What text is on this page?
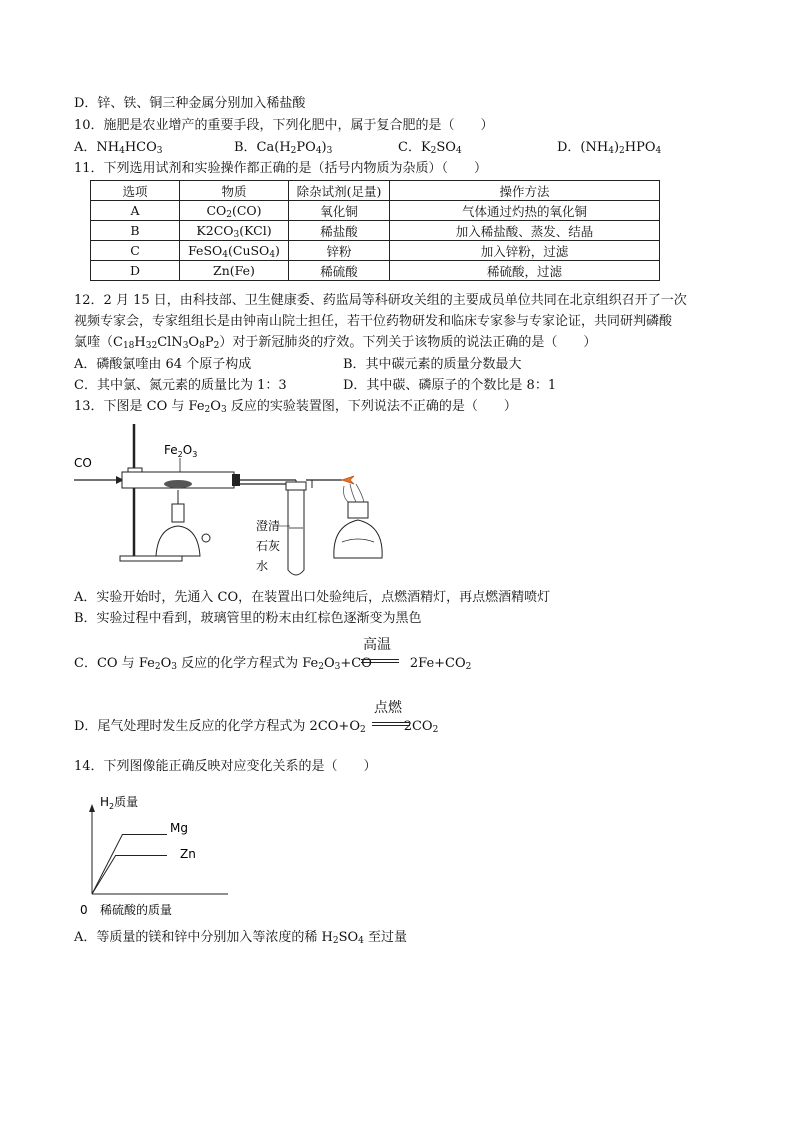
D．锌、铁、铜三种金属分别加入稀盐酸
10．施肥是农业增产的重要手段，下列化肥中，属于复合肥的是（　　）
A．$NH_4HCO_3$	B．$Ca(H_2PO_4)_3$	C．$K_2SO_4$	D．$(NH_4)_2HPO_4$
11．下列选用试剂和实验操作都正确的是（括号内物质为杂质）（　　）
选项	物质	除杂试剂(足量)	操作方法
A	$CO_2(CO)$	氧化铜	气体通过灼热的氧化铜
B	$K2CO_3(KCl)$	稀盐酸	加入稀盐酸、蒸发、结晶
C	FeSO$_4$(CuSO$_4$)	锌粉	加入锌粉，过滤
D	Zn(Fe)	稀硫酸	稀硫酸，过滤
12．2 月 15 日，由科技部、卫生健康委、药监局等科研攻关组的主要成员单位共同在北京组织召开了一次
视频专家会，专家组组长是由钟南山院士担任，若干位药物研发和临床专家参与专家论证，共同研判磷酸
氯喹$(C_{18}H_{32}ClN_3O_8P_2)$对于新冠肺炎的疗效。下列关于该物质的说法正确的是（　　）
A．磷酸氯喹由 64 个原子构成	B．其中碳元素的质量分数最大
C．其中氯、氮元素的质量比为 1：3	D．其中碳、磷原子的个数比是 8：1
13．下图是 CO 与 $Fe_2O_3$ 反应的实验装置图，下列说法不正确的是（　　）
CO
$Fe_2O_3$
澄清
石灰
水
A．实验开始时，先通入 CO，在装置出口处验纯后，点燃酒精灯，再点燃酒精喷灯
B．实验过程中看到，玻璃管里的粉末由红棕色逐渐变为黑色
C．CO 与 $Fe_2O_3$ 反应的化学方程式为 $Fe_2O_3+CO$	$2Fe+CO_2$
高温
D．尾气处理时发生反应的化学方程式为 $2CO+O_2$	$2CO_2$
点燃
14．下列图像能正确反映对应变化关系的是（　　）
$H_2$质量
0 稀硫酸的质量
Mg
Zn
A．等质量的镁和锌中分别加入等浓度的稀 $H_2SO_4$ 至过量
